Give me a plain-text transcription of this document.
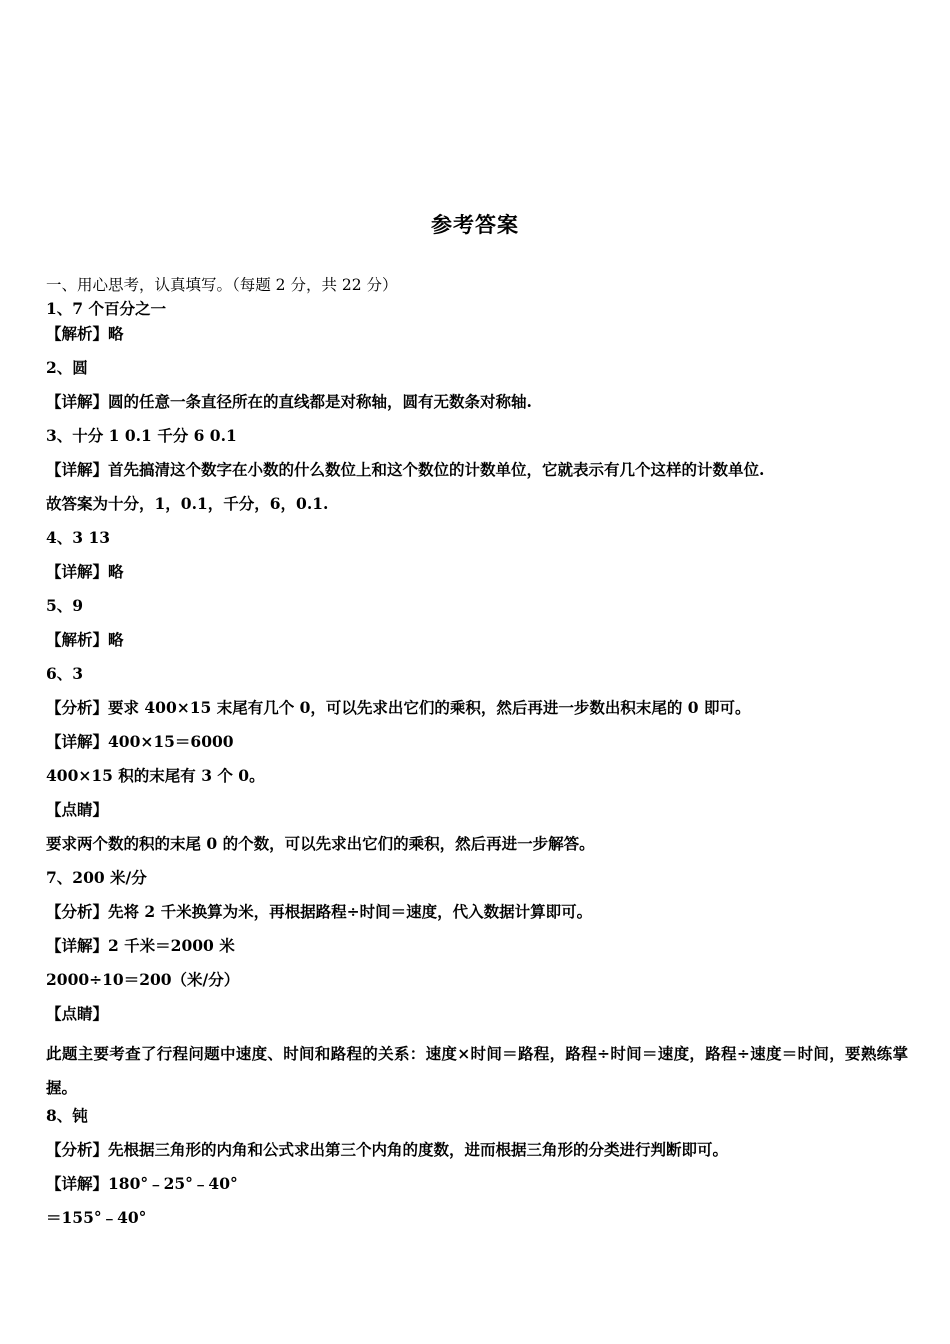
参考答案
一、用心思考，认真填写。（每题 2 分，共 22 分）
1、7 个百分之一
【解析】略
2、圆
【详解】圆的任意一条直径所在的直线都是对称轴，圆有无数条对称轴.
3、十分 1 0.1 千分 6 0.1
【详解】首先搞清这个数字在小数的什么数位上和这个数位的计数单位，它就表示有几个这样的计数单位.
故答案为十分，1，0.1，千分，6，0.1.
4、3 13
【详解】略
5、9
【解析】略
6、3
【分析】要求 400×15 末尾有几个 0，可以先求出它们的乘积，然后再进一步数出积末尾的 0 即可。
【详解】400×15＝6000
400×15 积的末尾有 3 个 0。
【点睛】
要求两个数的积的末尾 0 的个数，可以先求出它们的乘积，然后再进一步解答。
7、200 米/分
【分析】先将 2 千米换算为米，再根据路程÷时间＝速度，代入数据计算即可。
【详解】2 千米＝2000 米
2000÷10＝200（米/分）
【点睛】
此题主要考查了行程问题中速度、时间和路程的关系：速度×时间＝路程，路程÷时间＝速度，路程÷速度＝时间，要熟练掌握。
8、钝
【分析】先根据三角形的内角和公式求出第三个内角的度数，进而根据三角形的分类进行判断即可。
【详解】180°﹣25°﹣40°
＝155°﹣40°
